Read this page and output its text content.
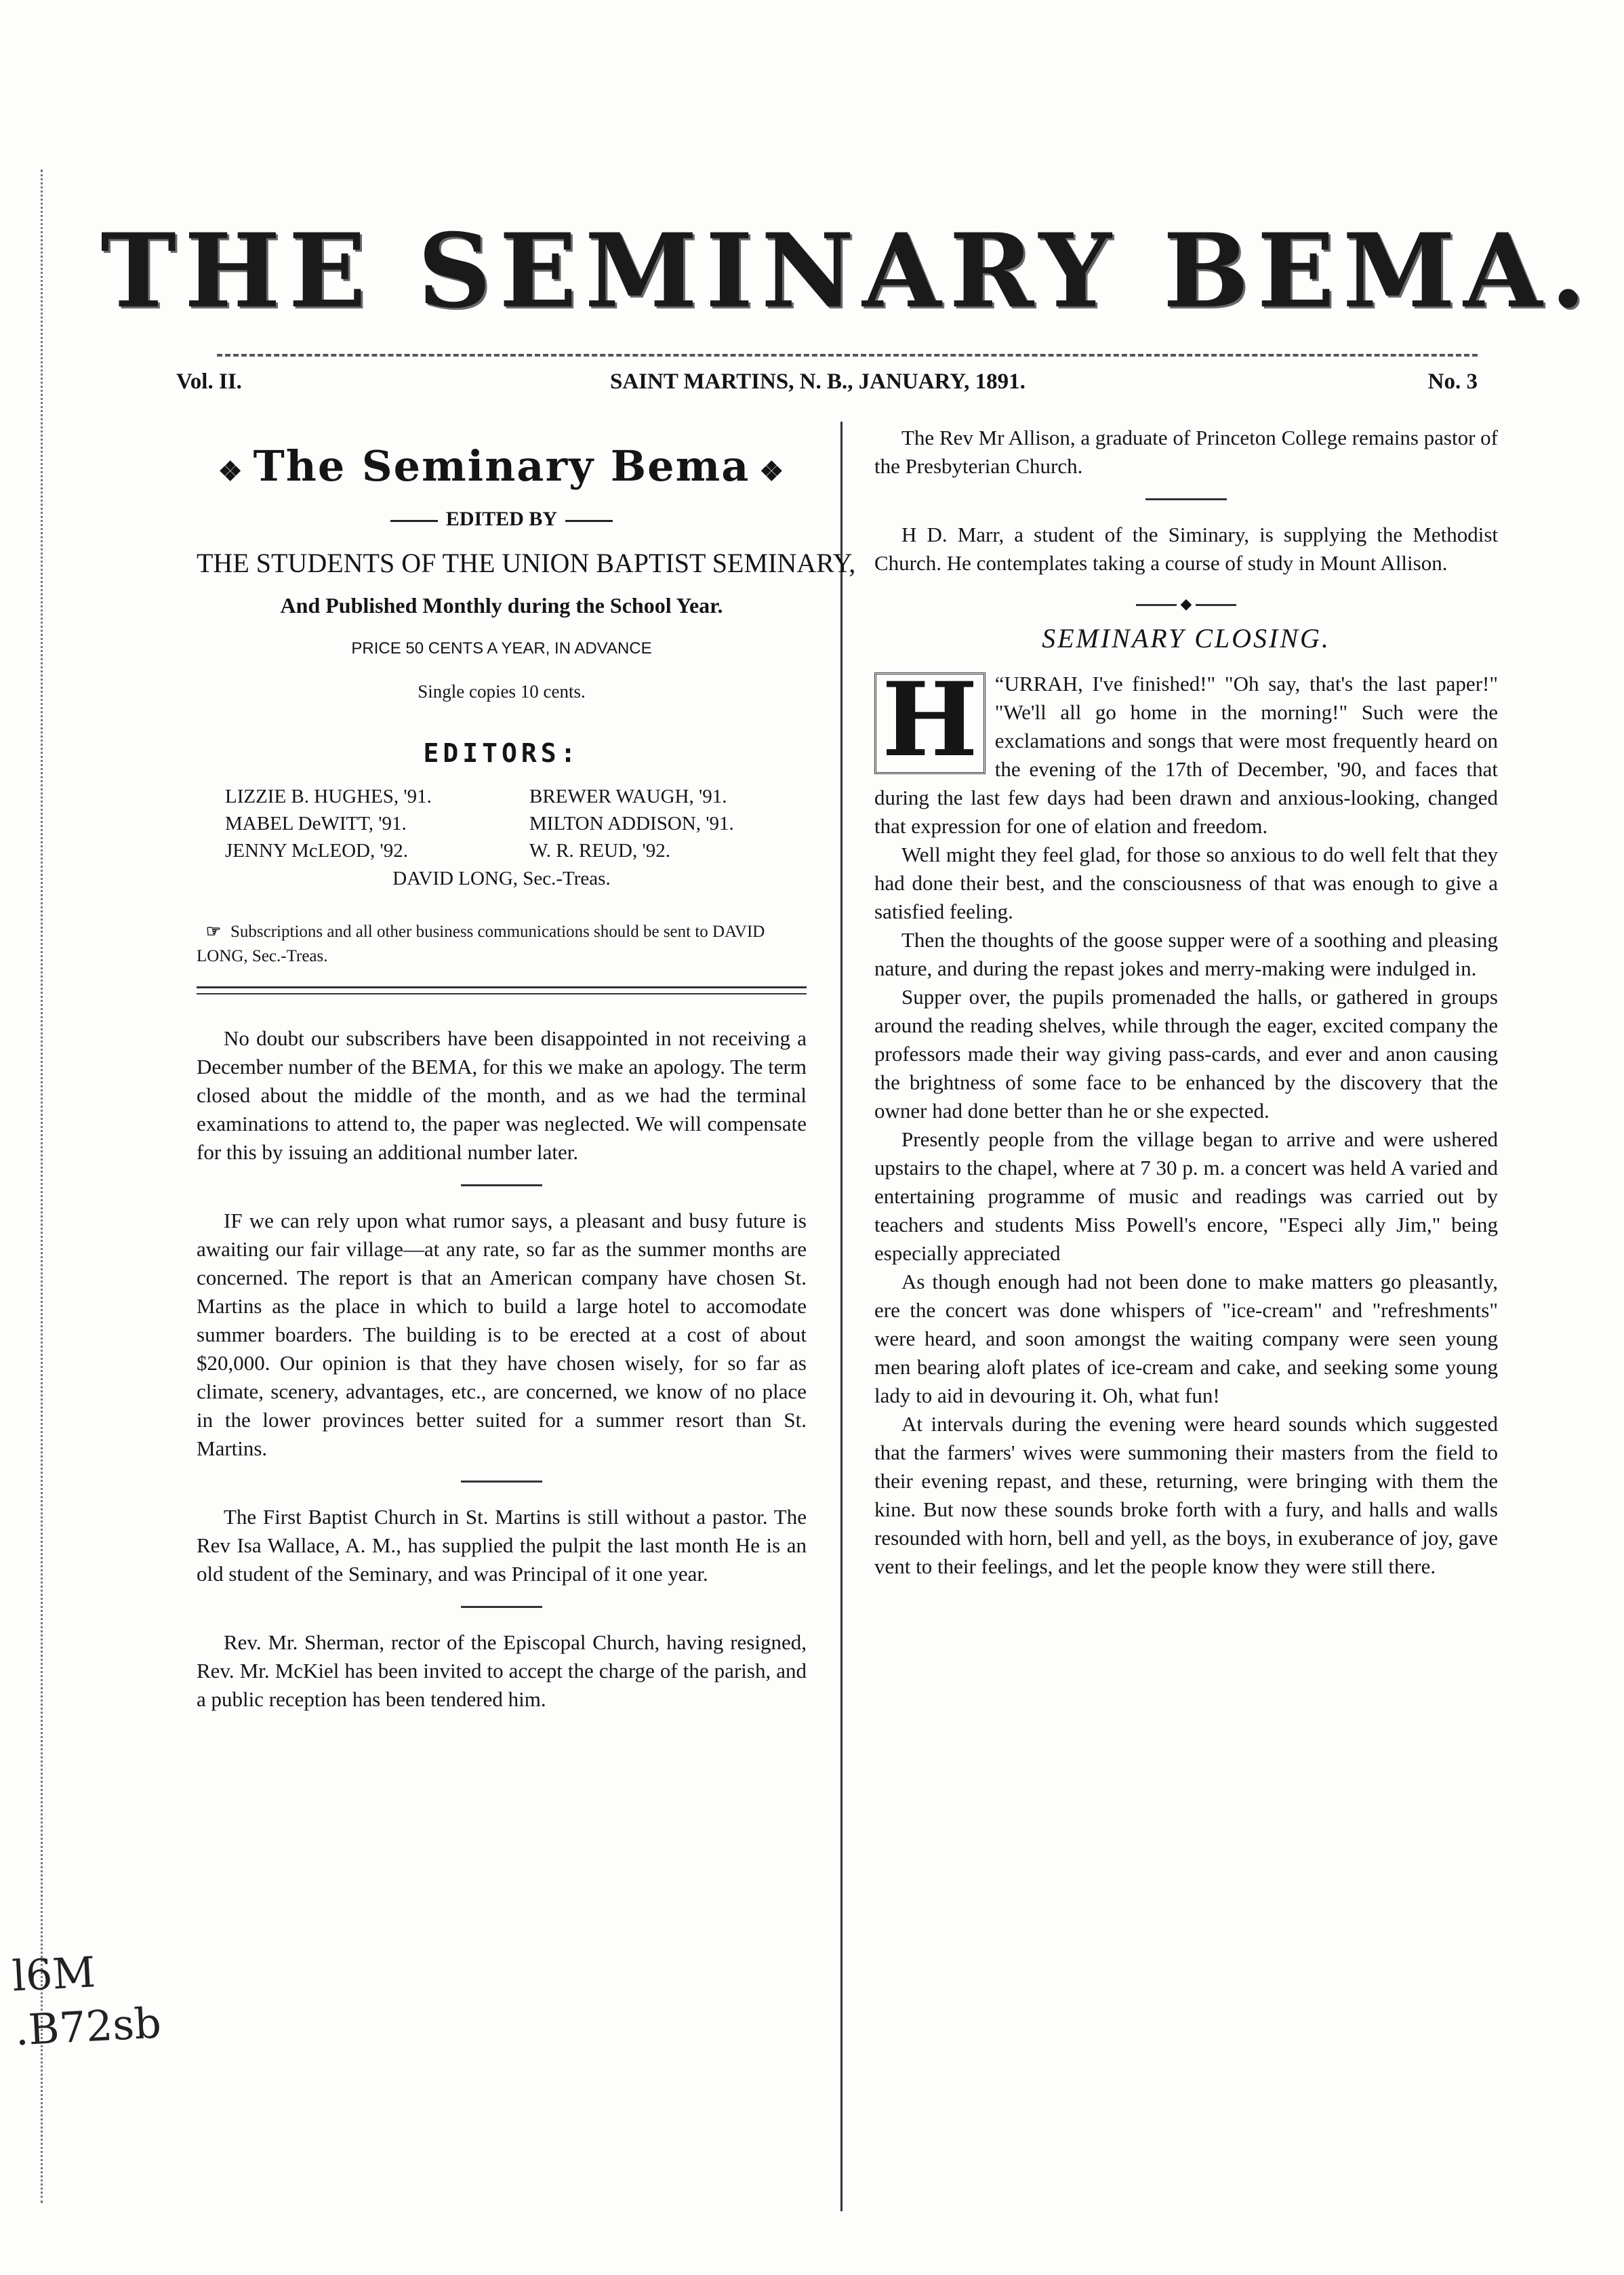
THE SEMINARY BEMA.
Vol. II.	SAINT MARTINS, N. B., JANUARY, 1891.	No. 3
❖ The Seminary Bema ❖
EDITED BY
THE STUDENTS OF THE UNION BAPTIST SEMINARY,
And Published Monthly during the School Year.
PRICE 50 CENTS A YEAR, IN ADVANCE
Single copies 10 cents.
EDITORS:
LIZZIE B. HUGHES, '91.	BREWER WAUGH, '91.
MABEL DeWITT, '91.	MILTON ADDISON, '91.
JENNY McLEOD, '92.	W. R. REUD, '92.
DAVID LONG, Sec.-Treas.
☞ Subscriptions and all other business communications should be sent to DAVID LONG, Sec.-Treas.

No doubt our subscribers have been disappointed in not receiving a December number of the BEMA, for this we make an apology. The term closed about the middle of the month, and as we had the terminal examinations to attend to, the paper was neglected. We will compensate for this by issuing an additional number later.

IF we can rely upon what rumor says, a pleasant and busy future is awaiting our fair village—at any rate, so far as the summer months are concerned. The report is that an American company have chosen St. Martins as the place in which to build a large hotel to accomodate summer boarders. The building is to be erected at a cost of about $20,000. Our opinion is that they have chosen wisely, for so far as climate, scenery, advantages, etc., are concerned, we know of no place in the lower provinces better suited for a summer resort than St. Martins.

The First Baptist Church in St. Martins is still without a pastor. The Rev Isa Wallace, A. M., has supplied the pulpit the last month He is an old student of the Seminary, and was Principal of it one year.

Rev. Mr. Sherman, rector of the Episcopal Church, having resigned, Rev. Mr. McKiel has been invited to accept the charge of the parish, and a public reception has been tendered him.

The Rev Mr Allison, a graduate of Princeton College remains pastor of the Presbyterian Church.

H D. Marr, a student of the Siminary, is supplying the Methodist Church. He contemplates taking a course of study in Mount Allison.

◆
SEMINARY CLOSING.

“
H	URRAH, I've finished!" "Oh say, that's the last paper!" "We'll all go home in the morning!" Such were the exclamations and songs that were most frequently heard on the evening of the 17th of December, '90, and faces that during the last few days had been drawn and anxious-looking, changed that expression for one of elation and freedom.

Well might they feel glad, for those so anxious to do well felt that they had done their best, and the consciousness of that was enough to give a satisfied feeling.

Then the thoughts of the goose supper were of a soothing and pleasing nature, and during the repast jokes and merry-making were indulged in.

Supper over, the pupils promenaded the halls, or gathered in groups around the reading shelves, while through the eager, excited company the professors made their way giving pass-cards, and ever and anon causing the brightness of some face to be enhanced by the discovery that the owner had done better than he or she expected.

Presently people from the village began to arrive and were ushered upstairs to the chapel, where at 7 30 p. m. a concert was held A varied and entertaining programme of music and readings was carried out by teachers and students Miss Powell's encore, "Especi ally Jim," being especially appreciated

As though enough had not been done to make matters go pleasantly, ere the concert was done whispers of "ice-cream" and "refreshments" were heard, and soon amongst the waiting company were seen young men bearing aloft plates of ice-cream and cake, and seeking some young lady to aid in devouring it. Oh, what fun!

At intervals during the evening were heard sounds which suggested that the farmers' wives were summoning their masters from the field to their evening repast, and these, returning, were bringing with them the kine. But now these sounds broke forth with a fury, and halls and walls resounded with horn, bell and yell, as the boys, in exuberance of joy, gave vent to their feelings, and let the people know they were still there.

l6M
.B72sb
